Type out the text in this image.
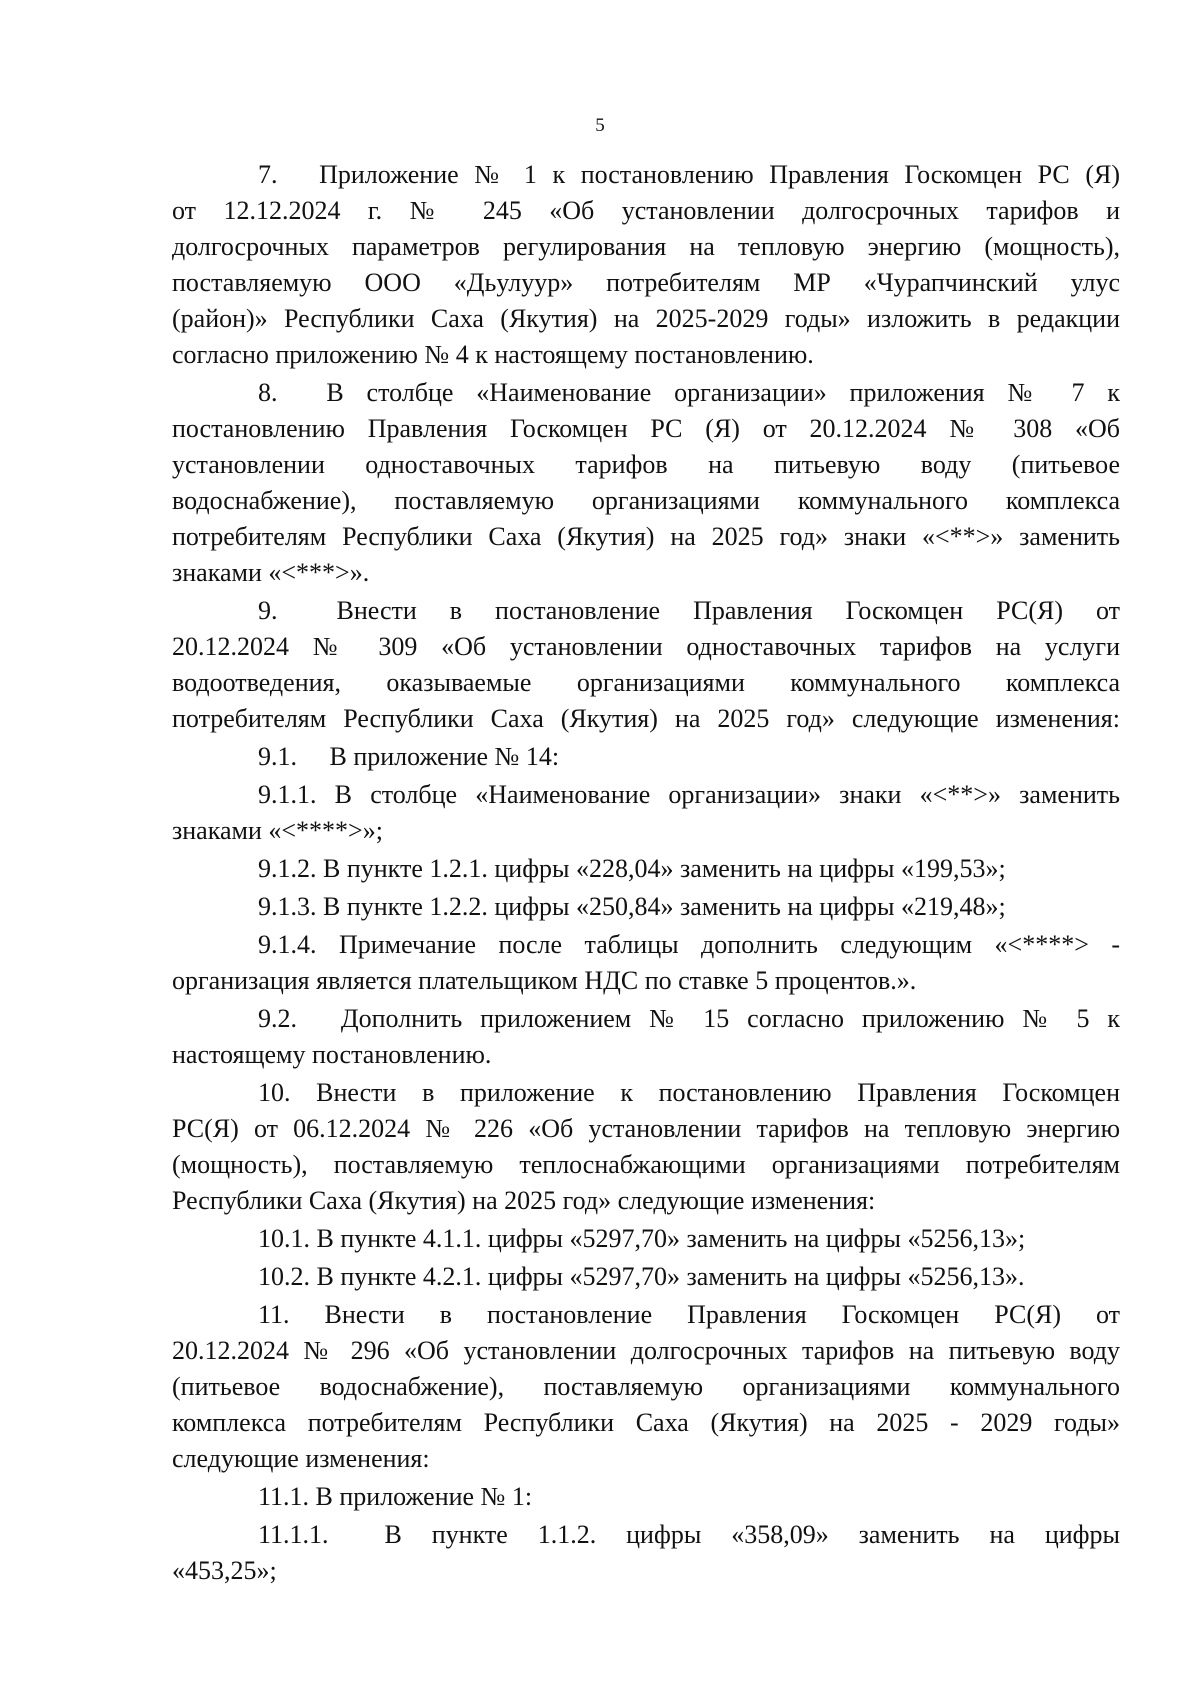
5
7.  Приложение № 1 к постановлению Правления Госкомцен РС (Я)
от 12.12.2024 г. № 245 «Об установлении долгосрочных тарифов и
долгосрочных параметров регулирования на тепловую энергию (мощность),
поставляемую ООО «Дьулуур» потребителям МР «Чурапчинский улус
(район)» Республики Саха (Якутия) на 2025-2029 годы» изложить в редакции
согласно приложению № 4 к настоящему постановлению.
8.  В столбце «Наименование организации» приложения № 7 к
постановлению Правления Госкомцен РС (Я) от 20.12.2024 № 308 «Об
установлении одноставочных тарифов на питьевую воду (питьевое
водоснабжение), поставляемую организациями коммунального комплекса
потребителям Республики Саха (Якутия) на 2025 год» знаки «<**>» заменить
знаками «<***>».
9.  Внести в постановление Правления Госкомцен РС(Я) от
20.12.2024 № 309 «Об установлении одноставочных тарифов на услуги
водоотведения, оказываемые организациями коммунального комплекса
потребителям Республики Саха (Якутия) на 2025 год» следующие изменения:
9.1.  В приложение № 14:
9.1.1. В столбце «Наименование организации» знаки «<**>» заменить
знаками «<****>»;
9.1.2. В пункте 1.2.1. цифры «228,04» заменить на цифры «199,53»;
9.1.3. В пункте 1.2.2. цифры «250,84» заменить на цифры «219,48»;
9.1.4. Примечание после таблицы дополнить следующим «<****> -
организация является плательщиком НДС по ставке 5 процентов.».
9.2.  Дополнить приложением № 15 согласно приложению № 5 к
настоящему постановлению.
10. Внести в приложение к постановлению Правления Госкомцен
РС(Я) от 06.12.2024 № 226 «Об установлении тарифов на тепловую энергию
(мощность), поставляемую теплоснабжающими организациями потребителям
Республики Саха (Якутия) на 2025 год» следующие изменения:
10.1. В пункте 4.1.1. цифры «5297,70» заменить на цифры «5256,13»;
10.2. В пункте 4.2.1. цифры «5297,70» заменить на цифры «5256,13».
11. Внести в постановление Правления Госкомцен РС(Я) от
20.12.2024 № 296 «Об установлении долгосрочных тарифов на питьевую воду
(питьевое водоснабжение), поставляемую организациями коммунального
комплекса потребителям Республики Саха (Якутия) на 2025 - 2029 годы»
следующие изменения:
11.1. В приложение № 1:
11.1.1.  В пункте 1.1.2. цифры «358,09» заменить на цифры
«453,25»;
